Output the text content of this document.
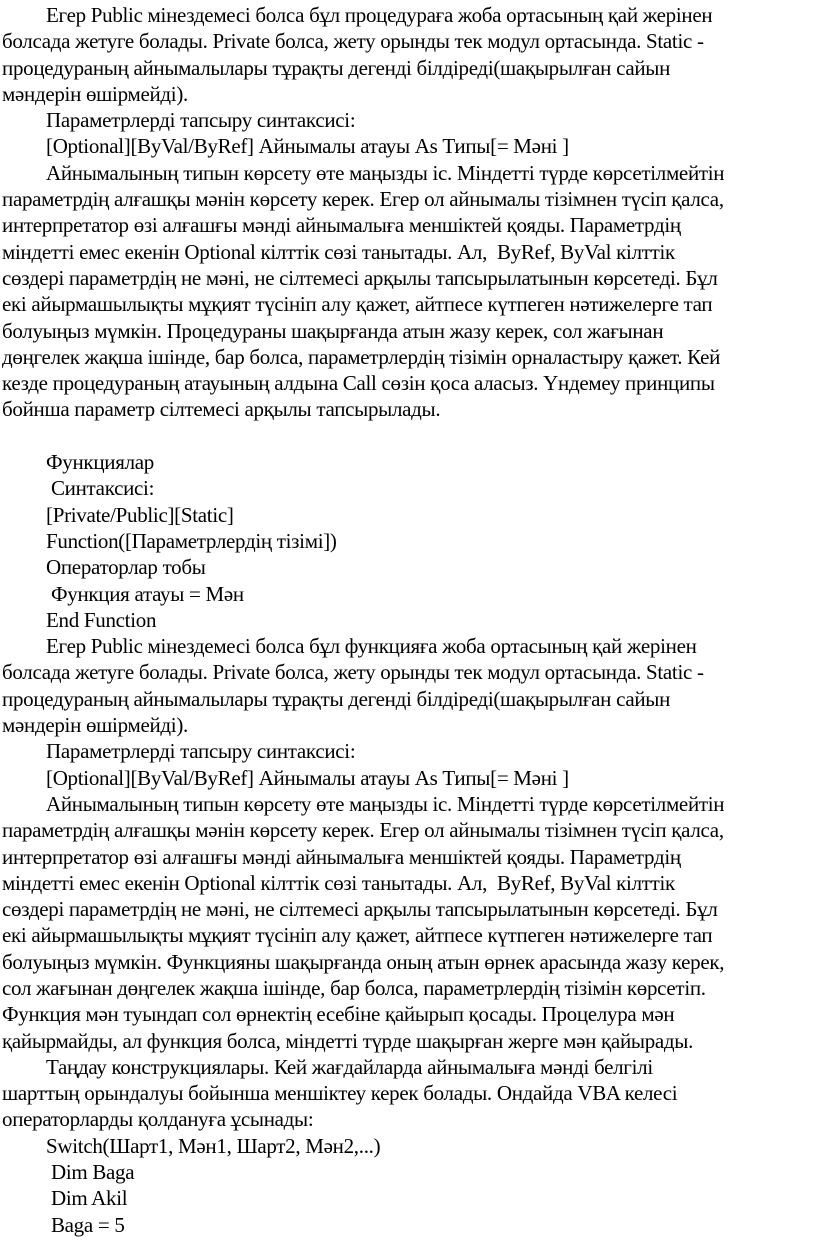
Егер Public мінездемесі болса бұл процедураға жоба ортасының қай жерінен
болсада жетуге болады. Private болса, жету орынды тек модул ортасында. Static -
процедураның айнымалылары тұрақты дегенді білдіреді(шақырылған сайын
мәндерін өшірмейді).
Параметрлерді тапсыру синтаксисі:
[Optional][ByVal/ByRef] Айнымалы атауы As Типы[= Мәні ]
Айнымалының типын көрсету өте маңызды іс. Міндетті түрде көрсетілмейтін
параметрдің алғашқы мәнін көрсету керек. Егер ол айнымалы тізімнен түсіп қалса,
интерпретатор өзі алғашғы мәнді айнымалыға меншіктей қояды. Параметрдің
міндетті емес екенін Optional кілттік сөзі танытады. Ал,  ByRef, ByVal кілттік
сөздері параметрдің не мәні, не сілтемесі арқылы тапсырылатынын көрсетеді. Бұл
екі айырмашылықты мұқият түсініп алу қажет, айтпесе күтпеген нәтижелерге тап
болуыңыз мүмкін. Процедураны шақырғанда атын жазу керек, сол жағынан
дөңгелек жақша ішінде, бар болса, параметрлердің тізімін орналастыру қажет. Кей
кезде процедураның атауының алдына Call сөзін қоса аласыз. Үндемеу принципы
бойнша параметр сілтемесі арқылы тапсырылады.
Функциялар
Синтаксисі:
[Private/Public][Static]
Function([Параметрлердің тізімі])
Операторлар тобы
Функция атауы = Мән
End Function
Егер Public мінездемесі болса бұл функцияға жоба ортасының қай жерінен
болсада жетуге болады. Private болса, жету орынды тек модул ортасында. Static -
процедураның айнымалылары тұрақты дегенді білдіреді(шақырылған сайын
мәндерін өшірмейді).
Параметрлерді тапсыру синтаксисі:
[Optional][ByVal/ByRef] Айнымалы атауы As Типы[= Мәні ]
Айнымалының типын көрсету өте маңызды іс. Міндетті түрде көрсетілмейтін
параметрдің алғашқы мәнін көрсету керек. Егер ол айнымалы тізімнен түсіп қалса,
интерпретатор өзі алғашғы мәнді айнымалыға меншіктей қояды. Параметрдің
міндетті емес екенін Optional кілттік сөзі танытады. Ал,  ByRef, ByVal кілттік
сөздері параметрдің не мәні, не сілтемесі арқылы тапсырылатынын көрсетеді. Бұл
екі айырмашылықты мұқият түсініп алу қажет, айтпесе күтпеген нәтижелерге тап
болуыңыз мүмкін. Функцияны шақырғанда оның атын өрнек арасында жазу керек,
сол жағынан дөңгелек жақша ішінде, бар болса, параметрлердің тізімін көрсетіп.
Функция мән туындап сол өрнектің есебіне қайырып қосады. Процелура мән
қайырмайды, ал функция болса, міндетті түрде шақырған жерге мән қайырады.
Таңдау конструкциялары. Кей жағдайларда айнымалыға мәнді белгілі
шарттың орындалуы бойынша меншіктеу керек болады. Ондайда VBA келесі
операторларды қолдануға ұсынады:
Switch(Шарт1, Мән1, Шарт2, Мән2,...)
Dim Baga
Dim Akil
Baga = 5
